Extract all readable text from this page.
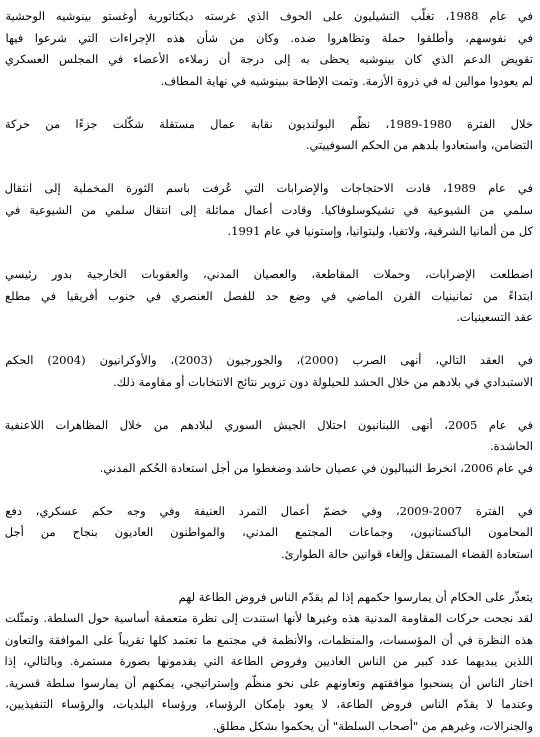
في عام 1988، تغلّب التشيليون على الحوف الذي غرسته ديكتاتورية أوغستو بينوشيه الوحشية
في نفوسهم، وأطلقوا حملة وتظاهروا ضده. وكان من شأن هذه الإجراءات التي شرعوا فيها
تقويض الدعم الذي كان بينوشيه يحظى به إلى درجة أن زملاءه الأعضاء في المجلس العسكري
لم يعودوا موالين له في ذروة الأزمة. وتمت الإطاحة ببينوشيه في نهاية المطاف.
خلال الفترة 1980-1989، نظّم البولنديون نقابة عمال مستقلة شكّلت جزءًا من حركة
التضامن، واستعادوا بلدهم من الحكم السوفييتي.
في عام 1989، قادت الاحتجاجات والإضرابات التي عُرفت باسم الثورة المخملية إلى انتقال
سلمي من الشيوعية في تشيكوسلوفاكيا. وقادت أعمال مماثلة إلى انتقال سلمي من الشيوعية في
كل من ألمانيا الشرقية، ولاتفيا، وليتوانيا، وإستونيا في عام 1991.
اضطلعت الإضرابات، وحملات المقاطعة، والعصيان المدني، والعقوبات الخارجية بدور رئيسي
ابتداءً من ثمانينيات القرن الماضي في وضع حد للفصل العنصري في جنوب أفريقيا في مطلع
عقد التسعينيات.
في العقد التالي، أنهى الصرب (2000)، والجورجيون (2003)، والأوكرانيون (2004) الحكم
الاستبدادي في بلادهم من خلال الحشد للحيلولة دون تزوير نتائج الانتخابات أو مقاومة ذلك.
في عام 2005، أنهى اللبنانيون احتلال الجيش السوري لبلادهم من خلال المظاهرات اللاعنفية
الحاشدة.
في عام 2006، انخرط النيباليون في عصيان حاشد وضغطوا من أجل استعادة الحُكم المدني.
في الفترة 2007-2009، وفي خضمّ أعمال التمرد العنيفة وفي وجه حكم عسكري، دفع
المحامون الباكستانيون، وجماعات المجتمع المدني، والمواطنون العاديون بنجاح من أجل
استعادة القضاء المستقل وإلغاء قوانين حالة الطوارئ.
يتعذّر على الحكام أن يمارسوا حكمهم إذا لم يقدّم الناس فروض الطاعة لهم
لقد نجحت حركات المقاومة المدنية هذه وغيرها لأنها استندت إلى نظرة متعمقة أساسية حول السلطة. وتمثّلت
هذه النظرة في أن المؤسسات، والمنظمات، والأنظمة في مجتمع ما تعتمد كلها تقريباً على الموافقة والتعاون
اللذين يبديهما عدد كبير من الناس العاديين وفروض الطاعة التي يقدمونها بصورة مستمرة. وبالتالي، إذا
اختار الناس أن يسحبوا موافقتهم وتعاونهم على نحو منظّم وإستراتيجي، يمكنهم أن يمارسوا سلطة قسرية.
وعندما لا يقدّم الناس فروض الطاعة، لا يعود بإمكان الرؤساء، ورؤساء البلديات، والرؤساء التنفيذيين،
والجنرالات، وغيرهم من "أصحاب السلطة" أن يحكموا بشكل مطلق.
